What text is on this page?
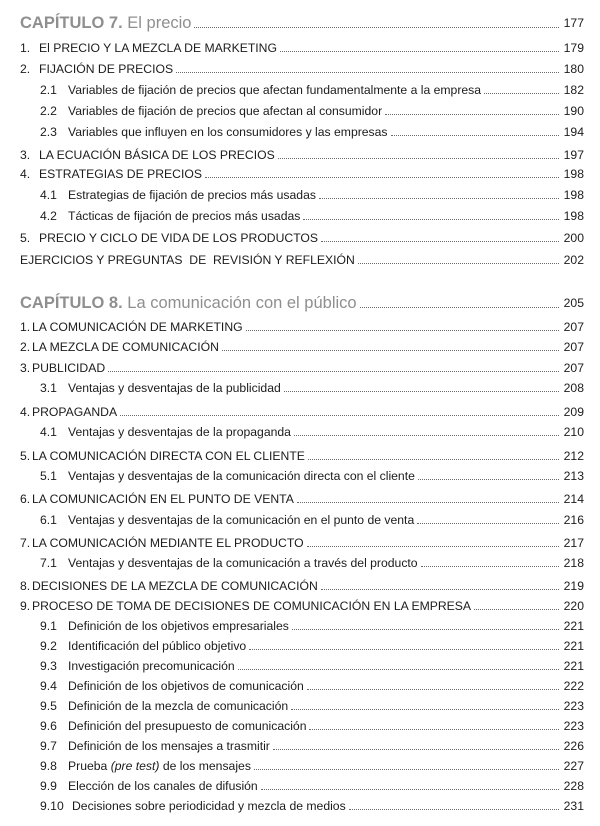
CAPÍTULO 7. El precio	177
1. El PRECIO Y LA MEZCLA DE MARKETING	179
2. FIJACIÓN DE PRECIOS	180
2.1 Variables de fijación de precios que afectan fundamentalmente a la empresa	182
2.2 Variables de fijación de precios que afectan al consumidor	190
2.3 Variables que influyen en los consumidores y las empresas	194
3. LA ECUACIÓN BÁSICA DE LOS PRECIOS	197
4. ESTRATEGIAS DE PRECIOS	198
4.1 Estrategias de fijación de precios más usadas	198
4.2 Tácticas de fijación de precios más usadas	198
5. PRECIO Y CICLO DE VIDA DE LOS PRODUCTOS	200
EJERCICIOS Y PREGUNTAS  DE  REVISIÓN Y REFLEXIÓN	202
CAPÍTULO 8. La comunicación con el público	205
1. LA COMUNICACIÓN DE MARKETING	207
2. LA MEZCLA DE COMUNICACIÓN	207
3. PUBLICIDAD	207
3.1 Ventajas y desventajas de la publicidad	208
4. PROPAGANDA	209
4.1 Ventajas y desventajas de la propaganda	210
5. LA COMUNICACIÓN DIRECTA CON EL CLIENTE	212
5.1 Ventajas y desventajas de la comunicación directa con el cliente	213
6. LA COMUNICACIÓN EN EL PUNTO DE VENTA	214
6.1 Ventajas y desventajas de la comunicación en el punto de venta	216
7. LA COMUNICACIÓN MEDIANTE EL PRODUCTO	217
7.1 Ventajas y desventajas de la comunicación a través del producto	218
8. DECISIONES DE LA MEZCLA DE COMUNICACIÓN	219
9. PROCESO DE TOMA DE DECISIONES DE COMUNICACIÓN EN LA EMPRESA	220
9.1 Definición de los objetivos empresariales	221
9.2 Identificación del público objetivo	221
9.3 Investigación precomunicación	221
9.4 Definición de los objetivos de comunicación	222
9.5 Definición de la mezcla de comunicación	223
9.6 Definición del presupuesto de comunicación	223
9.7 Definición de los mensajes a trasmitir	226
9.8 Prueba (pre test) de los mensajes	227
9.9 Elección de los canales de difusión	228
9.10 Decisiones sobre periodicidad y mezcla de medios	231
